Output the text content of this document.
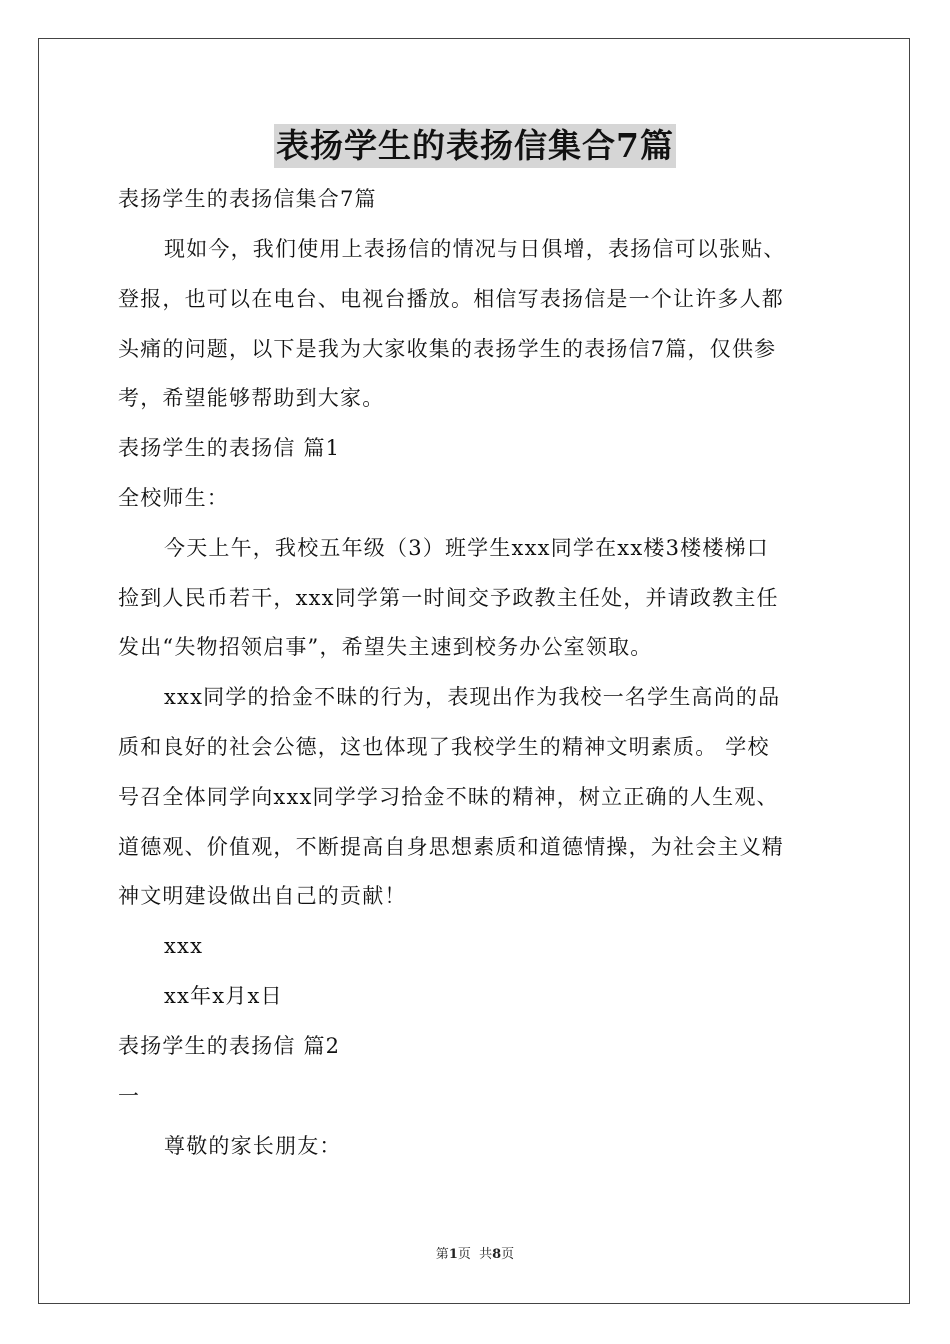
表扬学生的表扬信集合7篇
表扬学生的表扬信集合7篇
现如今，我们使用上表扬信的情况与日俱增，表扬信可以张贴、
登报，也可以在电台、电视台播放。相信写表扬信是一个让许多人都
头痛的问题，以下是我为大家收集的表扬学生的表扬信7篇，仅供参
考，希望能够帮助到大家。
表扬学生的表扬信 篇1
全校师生：
今天上午，我校五年级（3）班学生xxx同学在xx楼3楼楼梯口
捡到人民币若干，xxx同学第一时间交予政教主任处，并请政教主任
发出“失物招领启事”，希望失主速到校务办公室领取。
xxx同学的拾金不昧的行为，表现出作为我校一名学生高尚的品
质和良好的社会公德，这也体现了我校学生的精神文明素质。 学校
号召全体同学向xxx同学学习拾金不昧的精神，树立正确的人生观、
道德观、价值观，不断提高自身思想素质和道德情操，为社会主义精
神文明建设做出自己的贡献！
xxx
xx年x月x日
表扬学生的表扬信 篇2
一
尊敬的家长朋友：
第1页  共8页
